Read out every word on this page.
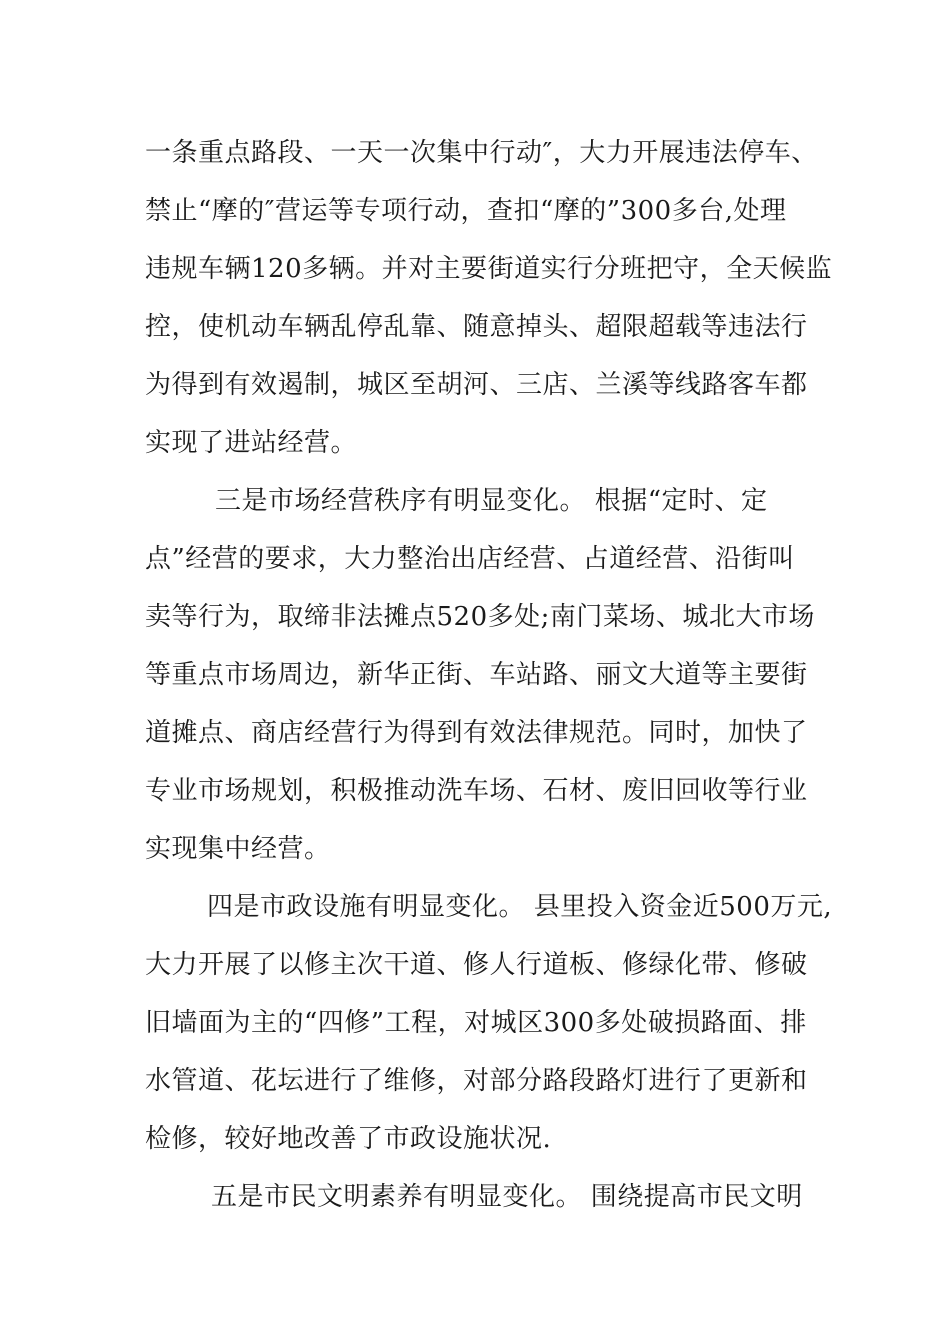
一条重点路段、一天一次集中行动″，大力开展违法停车、
禁止“摩的″营运等专项行动，查扣“摩的”300多台,处理
违规车辆120多辆。并对主要街道实行分班把守，全天候监
控，使机动车辆乱停乱靠、随意掉头、超限超载等违法行
为得到有效遏制，城区至胡河、三店、兰溪等线路客车都
实现了进站经营。
三是市场经营秩序有明显变化。 根据“定时、定
点”经营的要求，大力整治出店经营、占道经营、沿街叫
卖等行为，取缔非法摊点520多处;南门菜场、城北大市场
等重点市场周边，新华正街、车站路、丽文大道等主要街
道摊点、商店经营行为得到有效法律规范。同时，加快了
专业市场规划，积极推动洗车场、石材、废旧回收等行业
实现集中经营。
四是市政设施有明显变化。 县里投入资金近500万元,
大力开展了以修主次干道、修人行道板、修绿化带、修破
旧墙面为主的“四修”工程，对城区300多处破损路面、排
水管道、花坛进行了维修，对部分路段路灯进行了更新和
检修，较好地改善了市政设施状况.
五是市民文明素养有明显变化。 围绕提高市民文明
